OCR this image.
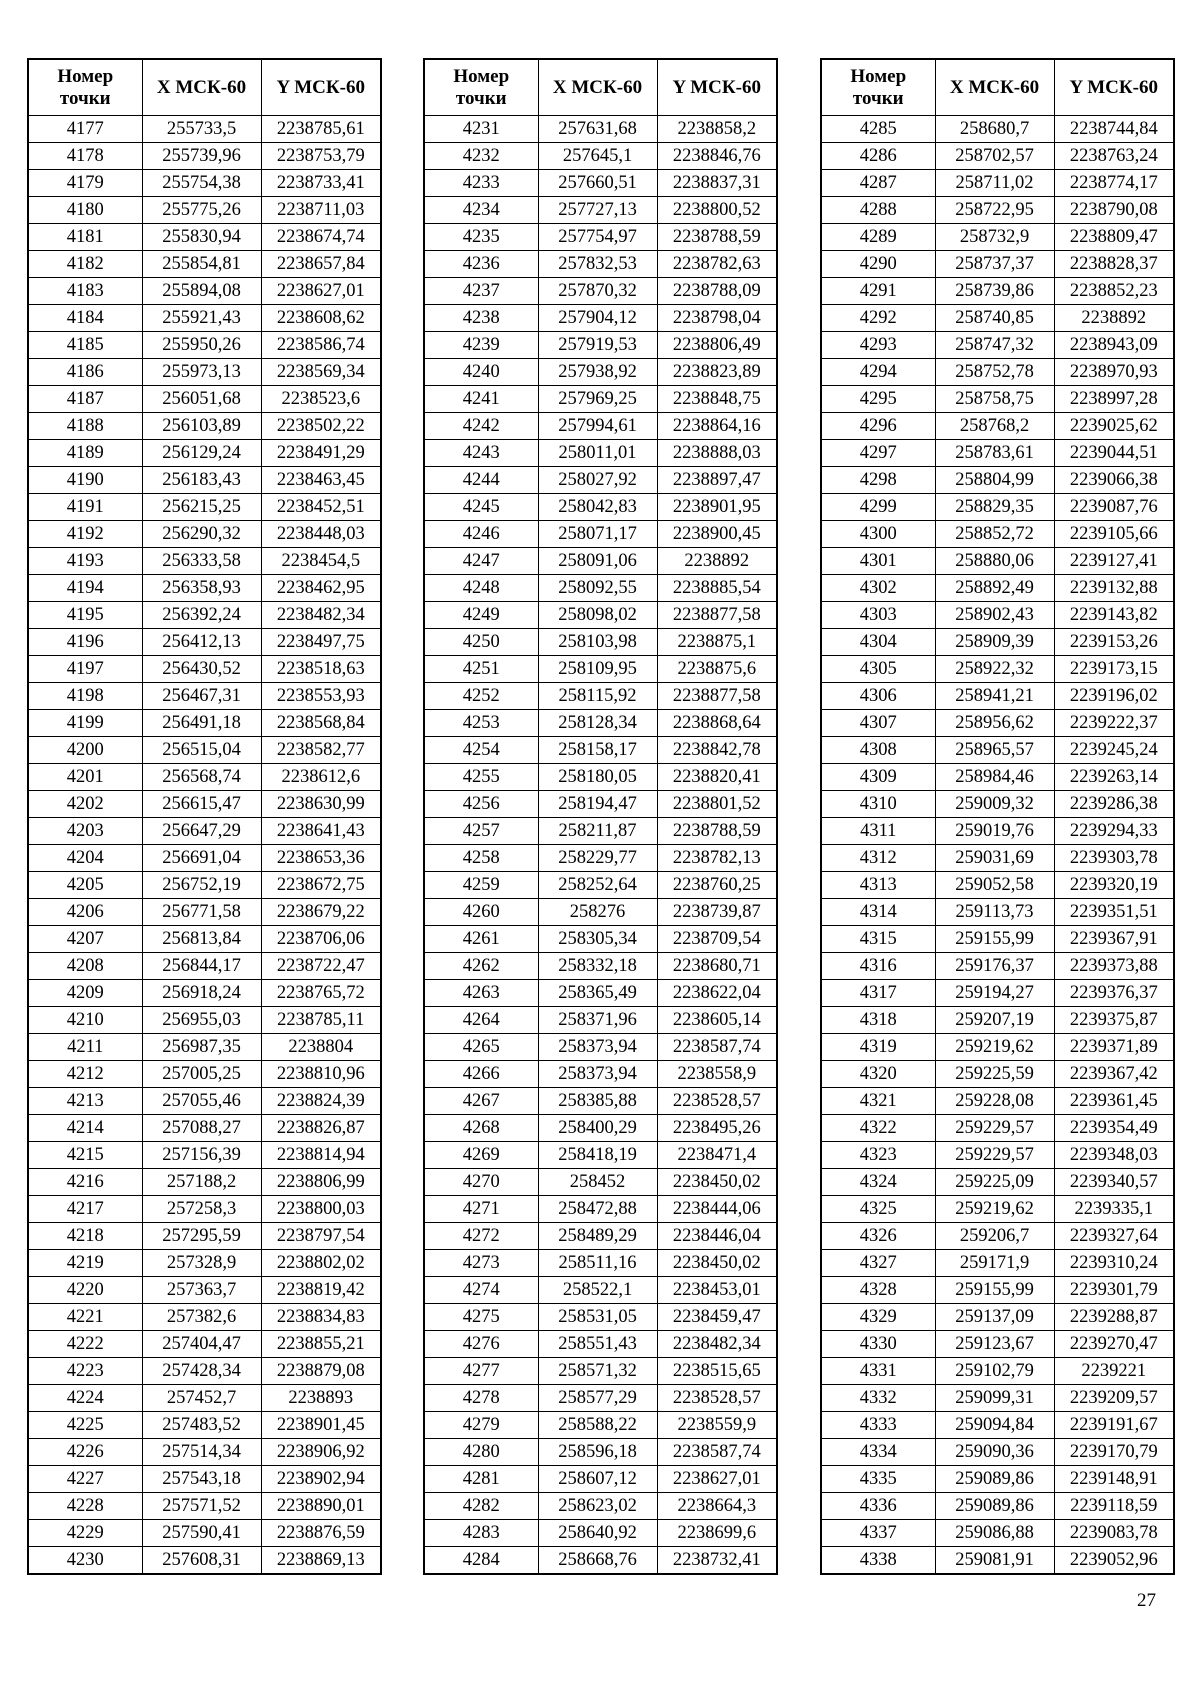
Номер
точки	X МСК-60	Y МСК-60
4177	255733,5	2238785,61
4178	255739,96	2238753,79
4179	255754,38	2238733,41
4180	255775,26	2238711,03
4181	255830,94	2238674,74
4182	255854,81	2238657,84
4183	255894,08	2238627,01
4184	255921,43	2238608,62
4185	255950,26	2238586,74
4186	255973,13	2238569,34
4187	256051,68	2238523,6
4188	256103,89	2238502,22
4189	256129,24	2238491,29
4190	256183,43	2238463,45
4191	256215,25	2238452,51
4192	256290,32	2238448,03
4193	256333,58	2238454,5
4194	256358,93	2238462,95
4195	256392,24	2238482,34
4196	256412,13	2238497,75
4197	256430,52	2238518,63
4198	256467,31	2238553,93
4199	256491,18	2238568,84
4200	256515,04	2238582,77
4201	256568,74	2238612,6
4202	256615,47	2238630,99
4203	256647,29	2238641,43
4204	256691,04	2238653,36
4205	256752,19	2238672,75
4206	256771,58	2238679,22
4207	256813,84	2238706,06
4208	256844,17	2238722,47
4209	256918,24	2238765,72
4210	256955,03	2238785,11
4211	256987,35	2238804
4212	257005,25	2238810,96
4213	257055,46	2238824,39
4214	257088,27	2238826,87
4215	257156,39	2238814,94
4216	257188,2	2238806,99
4217	257258,3	2238800,03
4218	257295,59	2238797,54
4219	257328,9	2238802,02
4220	257363,7	2238819,42
4221	257382,6	2238834,83
4222	257404,47	2238855,21
4223	257428,34	2238879,08
4224	257452,7	2238893
4225	257483,52	2238901,45
4226	257514,34	2238906,92
4227	257543,18	2238902,94
4228	257571,52	2238890,01
4229	257590,41	2238876,59
4230	257608,31	2238869,13
Номер
точки	X МСК-60	Y МСК-60
4231	257631,68	2238858,2
4232	257645,1	2238846,76
4233	257660,51	2238837,31
4234	257727,13	2238800,52
4235	257754,97	2238788,59
4236	257832,53	2238782,63
4237	257870,32	2238788,09
4238	257904,12	2238798,04
4239	257919,53	2238806,49
4240	257938,92	2238823,89
4241	257969,25	2238848,75
4242	257994,61	2238864,16
4243	258011,01	2238888,03
4244	258027,92	2238897,47
4245	258042,83	2238901,95
4246	258071,17	2238900,45
4247	258091,06	2238892
4248	258092,55	2238885,54
4249	258098,02	2238877,58
4250	258103,98	2238875,1
4251	258109,95	2238875,6
4252	258115,92	2238877,58
4253	258128,34	2238868,64
4254	258158,17	2238842,78
4255	258180,05	2238820,41
4256	258194,47	2238801,52
4257	258211,87	2238788,59
4258	258229,77	2238782,13
4259	258252,64	2238760,25
4260	258276	2238739,87
4261	258305,34	2238709,54
4262	258332,18	2238680,71
4263	258365,49	2238622,04
4264	258371,96	2238605,14
4265	258373,94	2238587,74
4266	258373,94	2238558,9
4267	258385,88	2238528,57
4268	258400,29	2238495,26
4269	258418,19	2238471,4
4270	258452	2238450,02
4271	258472,88	2238444,06
4272	258489,29	2238446,04
4273	258511,16	2238450,02
4274	258522,1	2238453,01
4275	258531,05	2238459,47
4276	258551,43	2238482,34
4277	258571,32	2238515,65
4278	258577,29	2238528,57
4279	258588,22	2238559,9
4280	258596,18	2238587,74
4281	258607,12	2238627,01
4282	258623,02	2238664,3
4283	258640,92	2238699,6
4284	258668,76	2238732,41
Номер
точки	X МСК-60	Y МСК-60
4285	258680,7	2238744,84
4286	258702,57	2238763,24
4287	258711,02	2238774,17
4288	258722,95	2238790,08
4289	258732,9	2238809,47
4290	258737,37	2238828,37
4291	258739,86	2238852,23
4292	258740,85	2238892
4293	258747,32	2238943,09
4294	258752,78	2238970,93
4295	258758,75	2238997,28
4296	258768,2	2239025,62
4297	258783,61	2239044,51
4298	258804,99	2239066,38
4299	258829,35	2239087,76
4300	258852,72	2239105,66
4301	258880,06	2239127,41
4302	258892,49	2239132,88
4303	258902,43	2239143,82
4304	258909,39	2239153,26
4305	258922,32	2239173,15
4306	258941,21	2239196,02
4307	258956,62	2239222,37
4308	258965,57	2239245,24
4309	258984,46	2239263,14
4310	259009,32	2239286,38
4311	259019,76	2239294,33
4312	259031,69	2239303,78
4313	259052,58	2239320,19
4314	259113,73	2239351,51
4315	259155,99	2239367,91
4316	259176,37	2239373,88
4317	259194,27	2239376,37
4318	259207,19	2239375,87
4319	259219,62	2239371,89
4320	259225,59	2239367,42
4321	259228,08	2239361,45
4322	259229,57	2239354,49
4323	259229,57	2239348,03
4324	259225,09	2239340,57
4325	259219,62	2239335,1
4326	259206,7	2239327,64
4327	259171,9	2239310,24
4328	259155,99	2239301,79
4329	259137,09	2239288,87
4330	259123,67	2239270,47
4331	259102,79	2239221
4332	259099,31	2239209,57
4333	259094,84	2239191,67
4334	259090,36	2239170,79
4335	259089,86	2239148,91
4336	259089,86	2239118,59
4337	259086,88	2239083,78
4338	259081,91	2239052,96
27
